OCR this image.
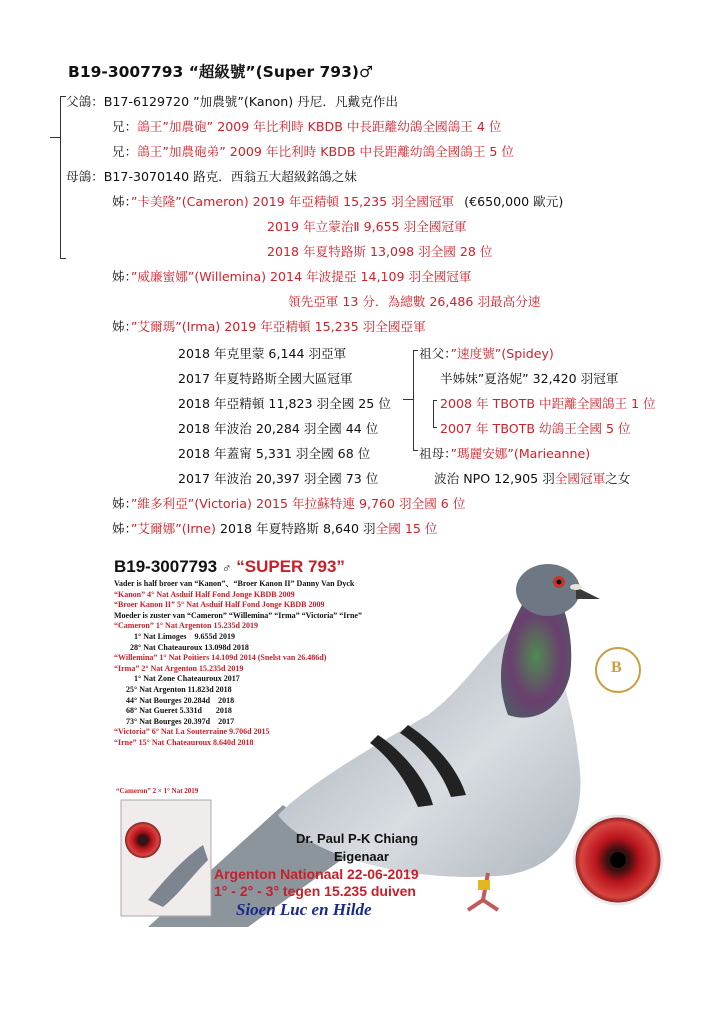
B19-3007793 “超級號”(Super 793)♂
父鴿：B17-6129720 ”加農號”(Kanon) 丹尼．凡戴克作出
兄：鴿王”加農砲” 2009 年比利時 KBDB 中長距離幼鴿全國鴿王 4 位
兄：鴿王”加農砲弟” 2009 年比利時 KBDB 中長距離幼鴿全國鴿王 5 位
母鴿：B17-3070140 路克．西翁五大超級銘鴿之妹
姊：”卡美隆”(Cameron) 2019 年亞精頓 15,235 羽全國冠軍 (€650,000 歐元)
2019 年立蒙治Ⅱ 9,655 羽全國冠軍
2018 年夏特路斯 13,098 羽全國 28 位
姊：”威廉蜜娜”(Willemina) 2014 年波提亞 14,109 羽全國冠軍
領先亞軍 13 分．為總數 26,486 羽最高分速
姊：”艾爾瑪”(Irma) 2019 年亞精頓 15,235 羽全國亞軍
2018 年克里蒙 6,144 羽亞軍
2017 年夏特路斯全國大區冠軍
2018 年亞精頓 11,823 羽全國 25 位
2018 年波治 20,284 羽全國 44 位
2018 年蓋甯 5,331 羽全國 68 位
2017 年波治 20,397 羽全國 73 位
祖父：”速度號”(Spidey)
半姊妹”夏洛妮” 32,420 羽冠軍
2008 年 TBOTB 中距離全國鴿王 1 位
2007 年 TBOTB 幼鴿王全國 5 位
祖母：”瑪麗安娜”(Marieanne)
波治 NPO 12,905 羽全國冠軍之女
姊：”維多利亞”(Victoria) 2015 年拉蘇特連 9,760 羽全國 6 位
姊：”艾爾娜”(Irne) 2018 年夏特路斯 8,640 羽全國 15 位
B19-3007793 ♂ “SUPER 793”
B
Vader is half broer van “Kanon”、“Broer Kanon II” Danny Van Dyck
“Kanon” 4° Nat Asduif Half Fond Jonge KBDB 2009
“Broer Kanon II” 5° Nat Asduif Half Fond Jonge KBDB 2009
Moeder is zuster van “Cameron” “Willemina” “Irma” “Victoria” “Irne”
“Cameron” 1° Nat Argenton 15.235d 2019
1° Nat Limoges    9.655d 2019
28° Nat Chateauroux 13.098d 2018
“Willemina” 1° Nat Poitiers 14.109d 2014 (Snelst van 26.486d)
“Irma” 2° Nat Argenton 15.235d 2019
1° Nat Zone Chateauroux 2017
25° Nat Argenton 11.823d 2018
44° Nat Bourges 20.284d    2018
68° Nat Gueret 5.331d       2018
73° Nat Bourges 20.397d    2017
“Victoria” 6° Nat La Souterraine 9.706d 2015
“Irne” 15° Nat Chateauroux 8.640d 2018
“Cameron” 2 × 1° Nat 2019
Dr. Paul P-K Chiang
Eigenaar
Argenton Nationaal 22-06-2019
1° - 2° - 3° tegen 15.235 duiven
Sioen Luc en Hilde
